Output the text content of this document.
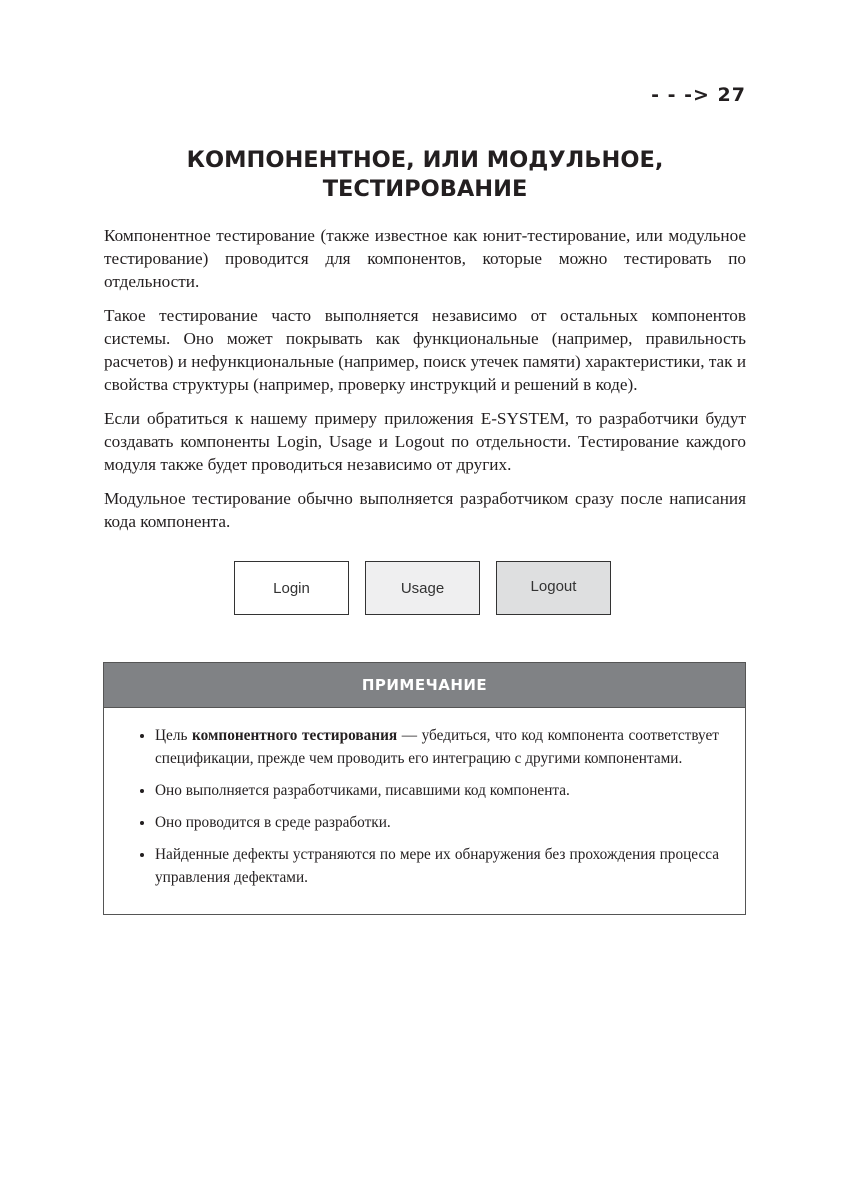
- - -> 27
КОМПОНЕНТНОЕ, ИЛИ МОДУЛЬНОЕ, ТЕСТИРОВАНИЕ

Компонентное тестирование (также известное как юнит-тестирование, или модульное тестирование) проводится для компонентов, которые можно тестировать по отдельности.

Такое тестирование часто выполняется независимо от остальных компонентов системы. Оно может покрывать как функциональные (например, правильность расчетов) и нефункциональные (например, поиск утечек памяти) характеристики, так и свойства структуры (например, проверку инструкций и решений в коде).

Если обратиться к нашему примеру приложения E-SYSTEM, то разработчики будут создавать компоненты Login, Usage и Logout по отдельности. Тестирование каждого модуля также будет проводиться независимо от других.

Модульное тестирование обычно выполняется разработчиком сразу после написания кода компонента.

Login	Usage	Logout
ПРИМЕЧАНИЕ
• Цель компонентного тестирования — убедиться, что код компонента соответствует спецификации, прежде чем проводить его интеграцию с другими компонентами.
• Оно выполняется разработчиками, писавшими код компонента.
• Оно проводится в среде разработки.
• Найденные дефекты устраняются по мере их обнаружения без прохождения процесса управления дефектами.
